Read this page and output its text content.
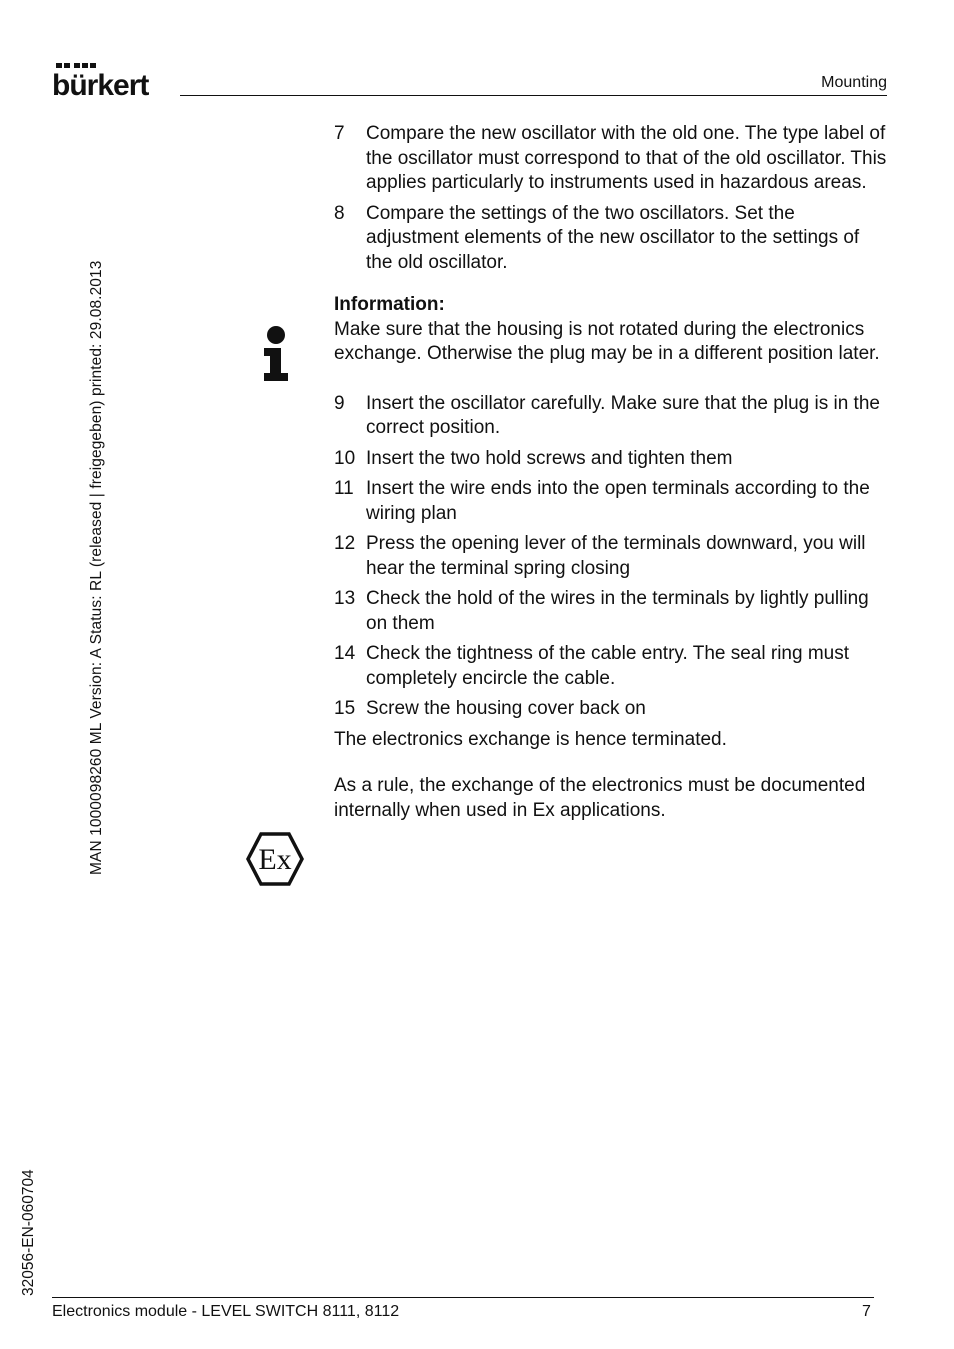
bürkert	Mounting
MAN 1000098260 ML Version: A Status: RL (released | freigegeben) printed: 29.08.2013
32056-EN-060704
Ex
7	Compare the new oscillator with the old one. The type label of the oscillator must correspond to that of the old oscillator. This applies particularly to instruments used in hazardous areas.
8	Compare the settings of the two oscillators. Set the adjustment elements of the new oscillator to the settings of the old oscillator.
Information:
Make sure that the housing is not rotated during the electronics exchange. Otherwise the plug may be in a different position later.
9	Insert the oscillator carefully. Make sure that the plug is in the correct position.
10 Insert the two hold screws and tighten them
11 Insert the wire ends into the open terminals according to the wiring plan
12 Press the opening lever of the terminals downward, you will hear the terminal spring closing
13 Check the hold of the wires in the terminals by lightly pulling on them
14 Check the tightness of the cable entry. The seal ring must completely encircle the cable.
15 Screw the housing cover back on
The electronics exchange is hence terminated.
As a rule, the exchange of the electronics must be documented internally when used in Ex applications.
Electronics module - LEVEL SWITCH 8111, 8112	7
